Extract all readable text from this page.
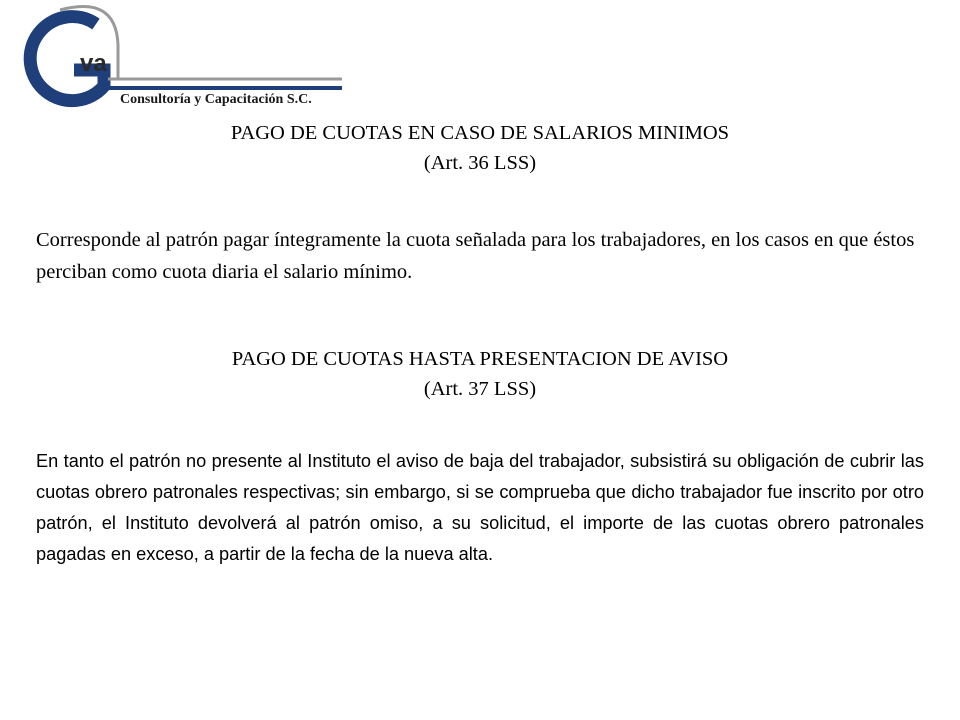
va
Consultoría y Capacitación S.C.
PAGO DE CUOTAS EN CASO DE SALARIOS MINIMOS
(Art. 36 LSS)

Corresponde al patrón pagar íntegramente la cuota señalada para los trabajadores, en los casos en que éstos perciban como cuota diaria el salario mínimo.

PAGO DE CUOTAS HASTA PRESENTACION DE AVISO
(Art. 37 LSS)

En tanto el patrón no presente al Instituto el aviso de baja del trabajador, subsistirá su obligación de cubrir las cuotas obrero patronales respectivas; sin embargo, si se comprueba que dicho trabajador fue inscrito por otro patrón, el Instituto devolverá al patrón omiso, a su solicitud, el importe de las cuotas obrero patronales pagadas en exceso, a partir de la fecha de la nueva alta.
